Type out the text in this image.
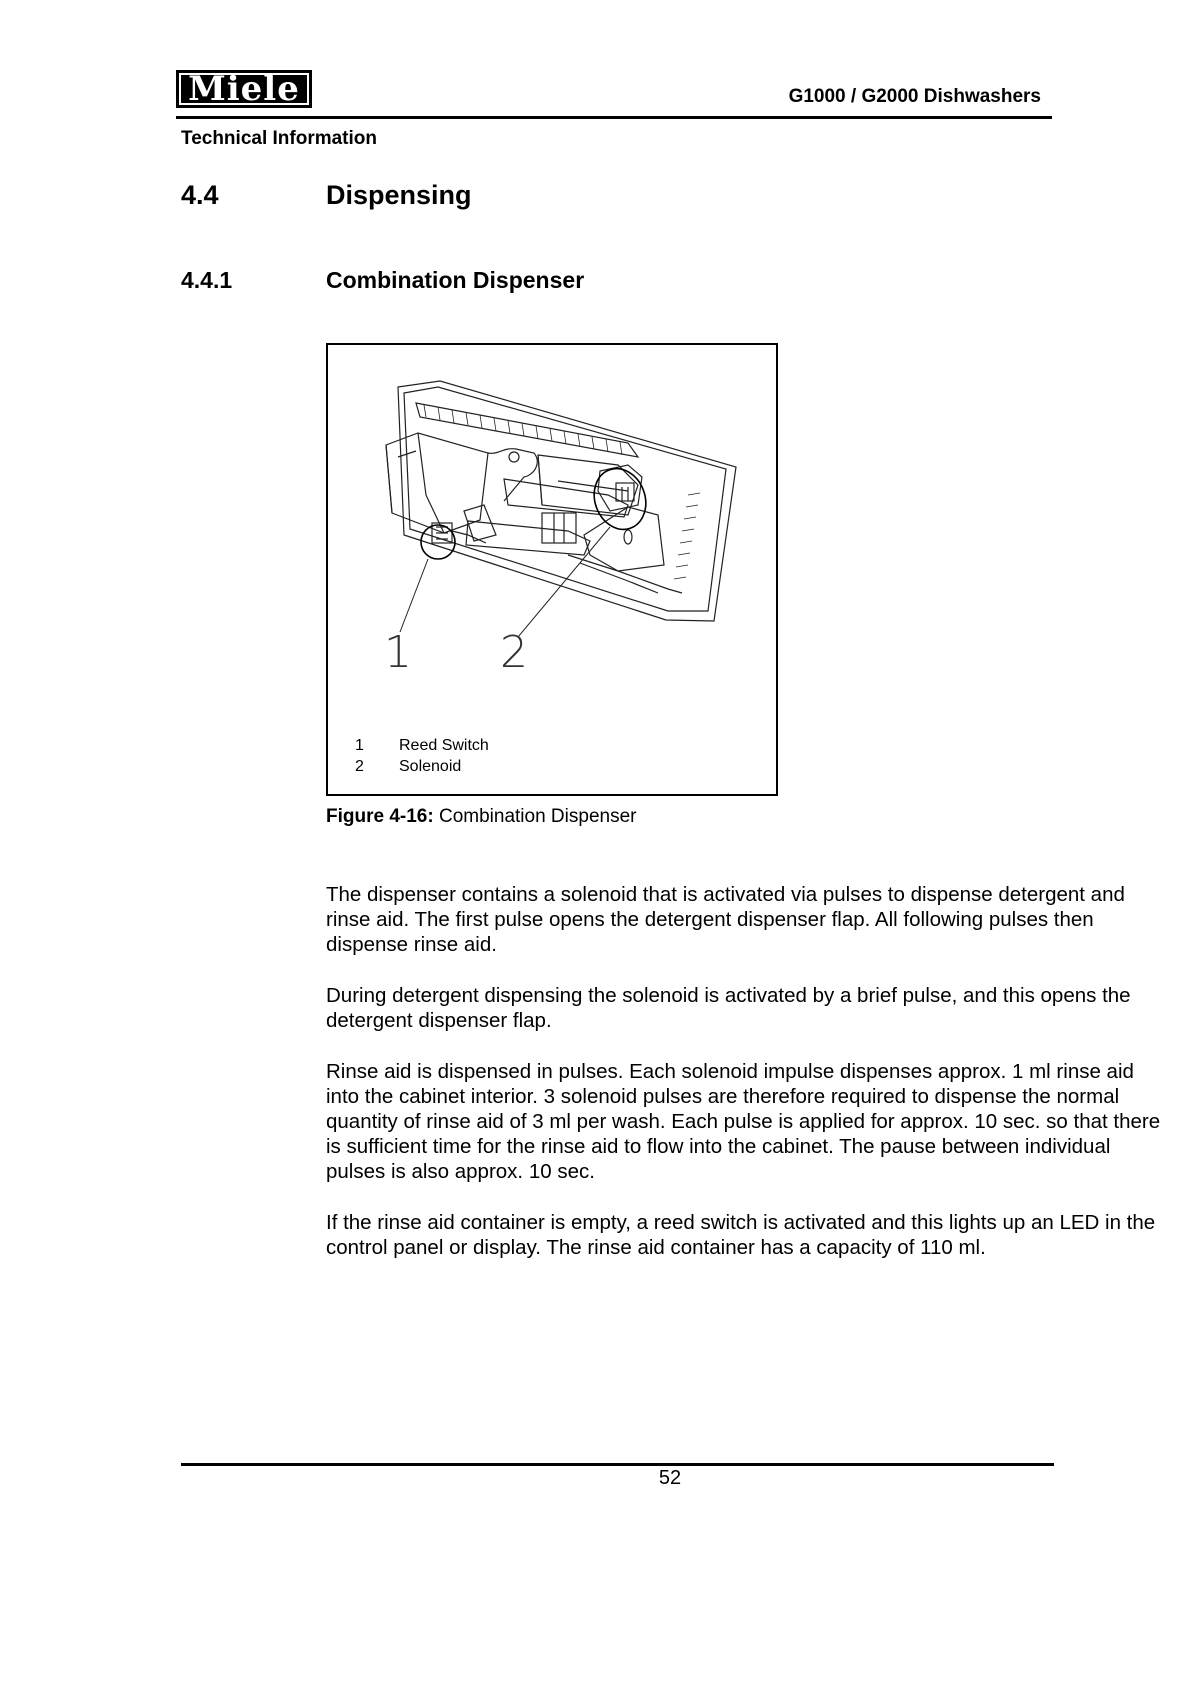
Miele	G1000 / G2000 Dishwashers
Technical Information
4.4	Dispensing
4.4.1	Combination Dispenser
1 2
1 Reed Switch
2 Solenoid
Figure 4-16: Combination Dispenser

The dispenser contains a solenoid that is activated via pulses to dispense detergent and rinse aid. The first pulse opens the detergent dispenser flap. All following pulses then dispense rinse aid.

During detergent dispensing the solenoid is activated by a brief pulse, and this opens the detergent dispenser flap.

Rinse aid is dispensed in pulses. Each solenoid impulse dispenses approx. 1 ml rinse aid into the cabinet interior. 3 solenoid pulses are therefore required to dispense the normal quantity of rinse aid of 3 ml per wash. Each pulse is applied for approx. 10 sec. so that there is sufficient time for the rinse aid to flow into the cabinet. The pause between individual pulses is also approx. 10 sec.

If the rinse aid container is empty, a reed switch is activated and this lights up an LED in the control panel or display. The rinse aid container has a capacity of 110 ml.

52
